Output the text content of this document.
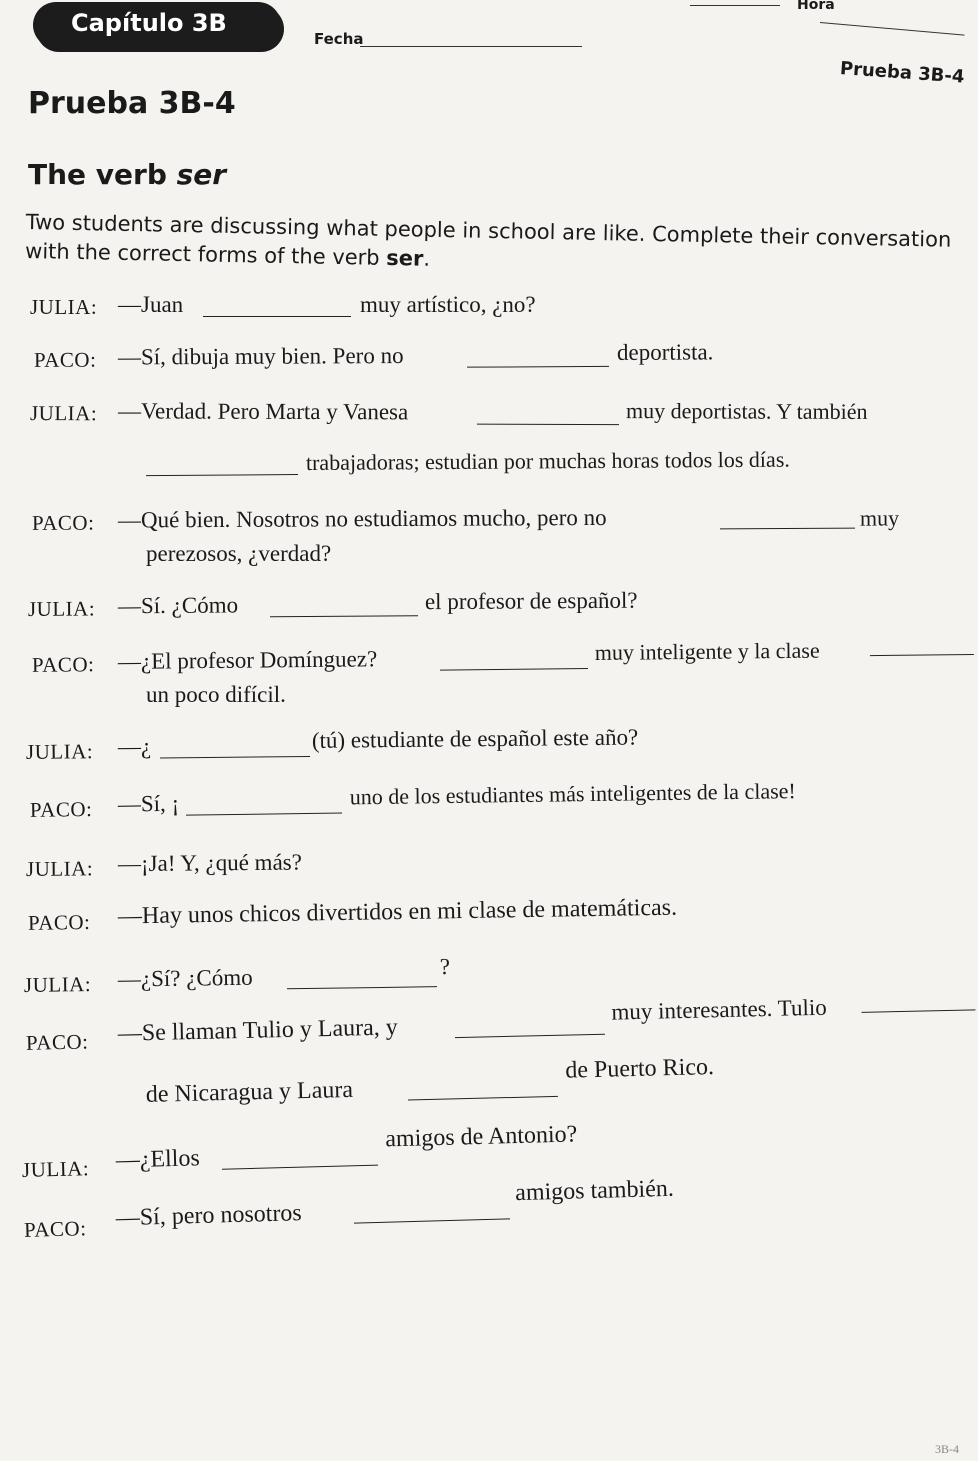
Capítulo 3B
Fecha
Hora
Prueba 3B-4
Prueba 3B-4
The verb ser
Two students are discussing what people in school are like. Complete their conversation with the correct forms of the verb ser.
JULIA: —Juan	muy artístico, ¿no?
PACO: —Sí, dibuja muy bien. Pero no	deportista.
JULIA: —Verdad. Pero Marta y Vanesa	muy deportistas. Y también
trabajadoras; estudian por muchas horas todos los días.
PACO: —Qué bien. Nosotros no estudiamos mucho, pero no	muy
perezosos, ¿verdad?
JULIA: —Sí. ¿Cómo	el profesor de español?
PACO: —¿El profesor Domínguez?	muy inteligente y la clase
un poco difícil.
JULIA: —¿	(tú) estudiante de español este año?
PACO: —Sí, ¡	uno de los estudiantes más inteligentes de la clase!
JULIA: —¡Ja! Y, ¿qué más?
PACO: —Hay unos chicos divertidos en mi clase de matemáticas.
JULIA: —¿Sí? ¿Cómo	?
PACO: —Se llaman Tulio y Laura, y
muy interesantes. Tulio
de Nicaragua y Laura
de Puerto Rico.
JULIA: —¿Ellos
amigos de Antonio?
PACO: —Sí, pero nosotros
amigos también.
3B-4
